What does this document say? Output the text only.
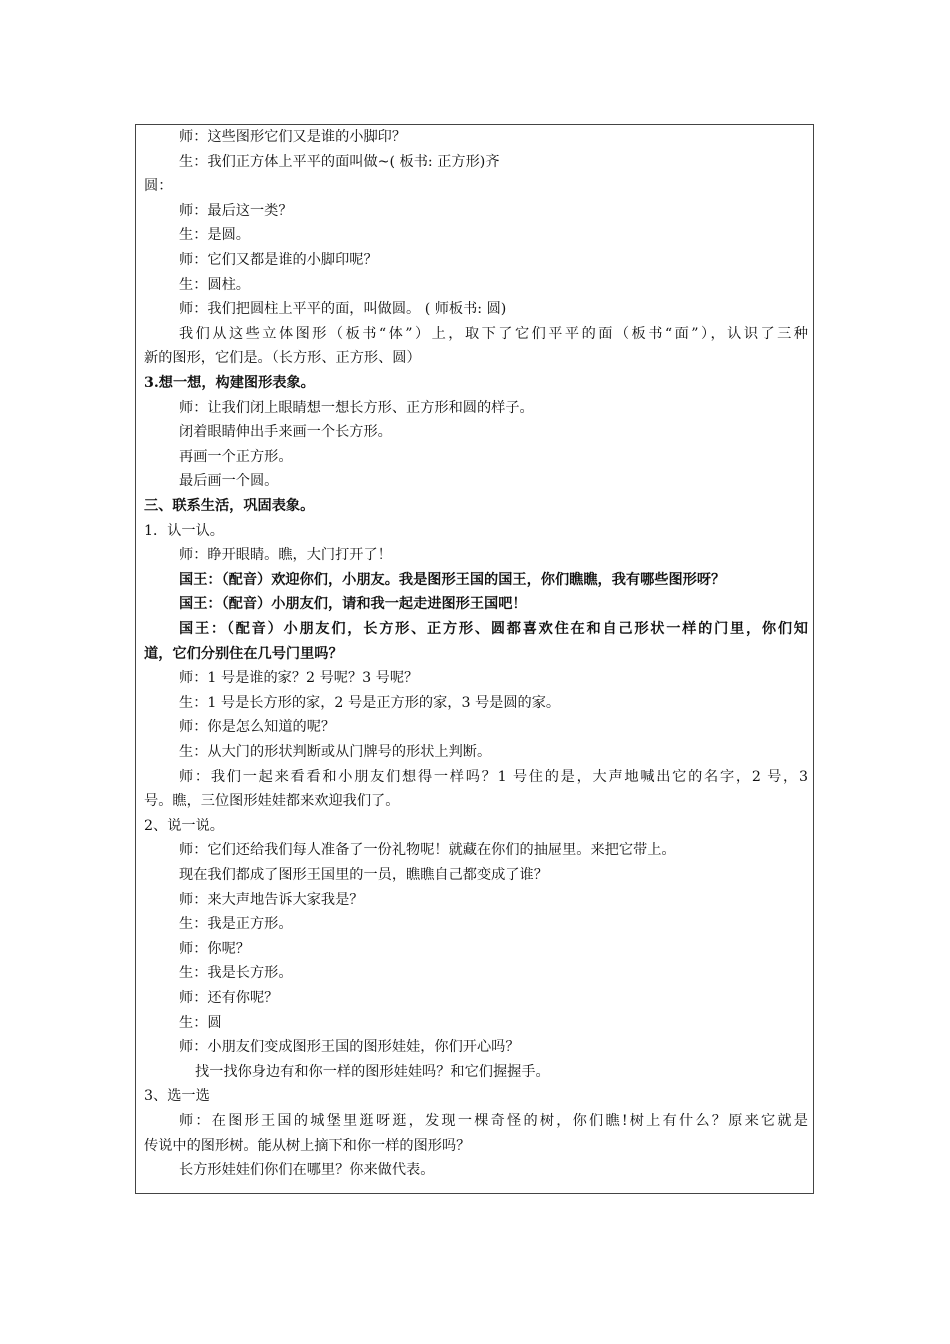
师：这些图形它们又是谁的小脚印？
生：我们正方体上平平的面叫做~( 板书: 正方形)齐
圆：
师：最后这一类？
生：是圆。
师：它们又都是谁的小脚印呢？
生：圆柱。
师：我们把圆柱上平平的面，叫做圆。 ( 师板书: 圆)
我们从这些立体图形（板书“体”）上，取下了它们平平的面（板书“面”），认识了三种
新的图形，它们是。（长方形、正方形、圆）
3.想一想，构建图形表象。
师：让我们闭上眼睛想一想长方形、正方形和圆的样子。
闭着眼睛伸出手来画一个长方形。
再画一个正方形。
最后画一个圆。
三、联系生活，巩固表象。
1．认一认。
师：睁开眼睛。瞧，大门打开了！
国王：（配音）欢迎你们，小朋友。我是图形王国的国王，你们瞧瞧，我有哪些图形呀？
国王：（配音）小朋友们，请和我一起走进图形王国吧！
国王：（配音）小朋友们，长方形、正方形、圆都喜欢住在和自己形状一样的门里，你们知
道，它们分别住在几号门里吗？
师：1 号是谁的家？2 号呢？3 号呢？
生：1 号是长方形的家，2 号是正方形的家，3 号是圆的家。
师：你是怎么知道的呢？
生：从大门的形状判断或从门牌号的形状上判断。
师：我们一起来看看和小朋友们想得一样吗？1 号住的是，大声地喊出它的名字，2 号，3
号。瞧，三位图形娃娃都来欢迎我们了。
2、说一说。
师：它们还给我们每人准备了一份礼物呢！就藏在你们的抽屉里。来把它带上。
现在我们都成了图形王国里的一员，瞧瞧自己都变成了谁？
师：来大声地告诉大家我是？
生：我是正方形。
师：你呢？
生：我是长方形。
师：还有你呢？
生：圆
师：小朋友们变成图形王国的图形娃娃，你们开心吗？
找一找你身边有和你一样的图形娃娃吗？和它们握握手。
3、选一选
师：在图形王国的城堡里逛呀逛，发现一棵奇怪的树，你们瞧!树上有什么？原来它就是
传说中的图形树。能从树上摘下和你一样的图形吗？
长方形娃娃们你们在哪里？你来做代表。
